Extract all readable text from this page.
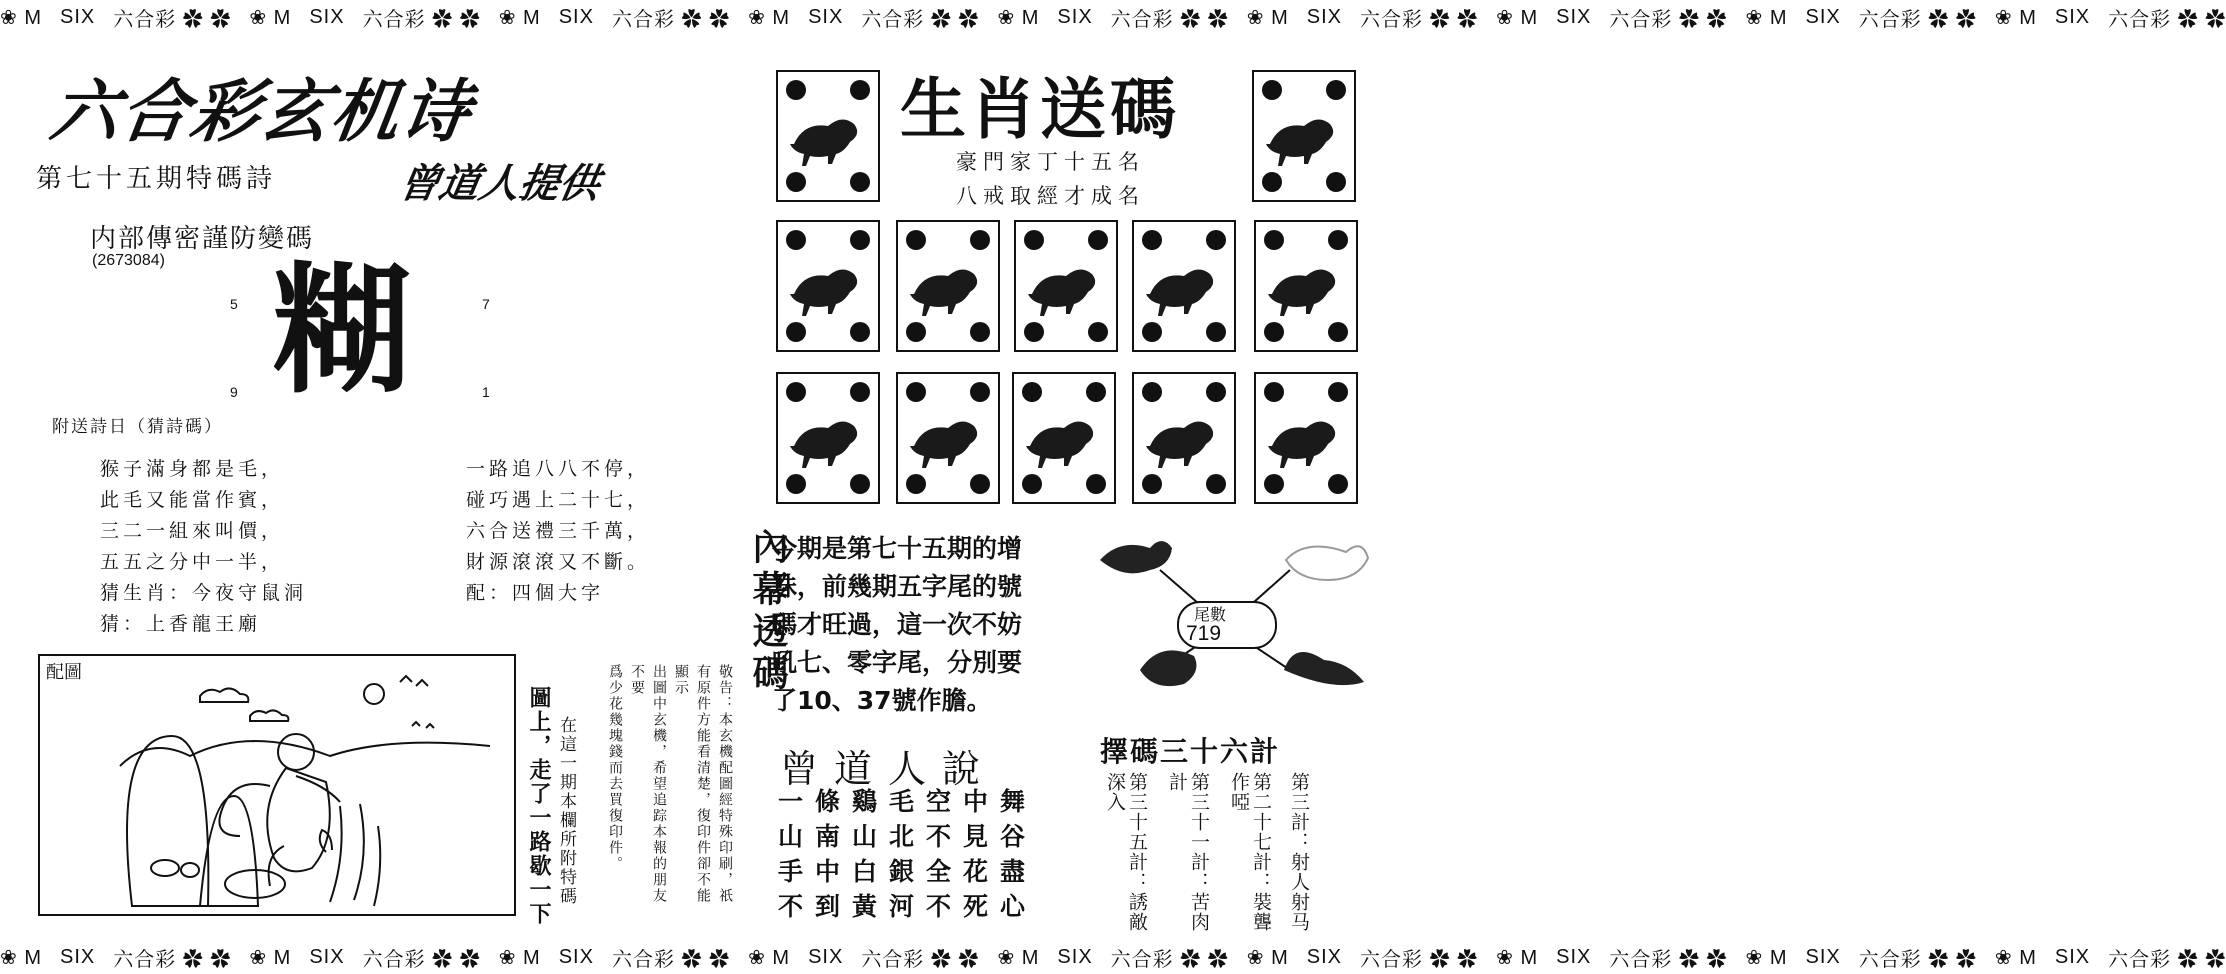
❀ M SIX 六合彩 ✿ ✿ ❀ M SIX 六合彩 ✿ ✿ ❀ M SIX 六合彩 ✿ ✿ ❀ M SIX 六合彩 ✿ ✿ ❀ M SIX 六合彩 ✿ ✿ ❀ M SIX 六合彩 ✿ ✿ ❀ M SIX 六合彩 ✿ ✿ ❀ M SIX 六合彩 ✿ ✿ ❀ M SIX 六合彩 ✿ ✿
❀ M SIX 六合彩 ✿ ✿ ❀ M SIX 六合彩 ✿ ✿ ❀ M SIX 六合彩 ✿ ✿ ❀ M SIX 六合彩 ✿ ✿ ❀ M SIX 六合彩 ✿ ✿ ❀ M SIX 六合彩 ✿ ✿ ❀ M SIX 六合彩 ✿ ✿ ❀ M SIX 六合彩 ✿ ✿ ❀ M SIX 六合彩 ✿ ✿
六合彩玄机诗
第七十五期特碼詩	曾道人提供
内部傳密謹防變碼
(2673084)
5	7
9	1
糊
附送詩日（猜詩碼）
猴子滿身都是毛，
此毛又能當作賓，
三二一組來叫價，
五五之分中一半，
猜生肖：今夜守鼠洞
猜：上香龍王廟
一路追八八不停，
碰巧遇上二十七，
六合送禮三千萬，
財源滾滾又不斷。
配：四個大字
配圖
圖上，走了一路歇一下 在這一期本欄所附特碼	敬告：本玄機配圖經特殊印刷，祇
有原件方能看清楚，復印件卻不能顯示
出圖中玄機，希望追踪本報的朋友不要
爲少花幾塊錢而去買復印件。
生肖送碼
豪門家丁十五名
八戒取經才成名
內幕透碼
今期是第七十五期的增
珠，前幾期五字尾的號
碼才旺過，這一次不妨
吼七、零字尾，分別要
了10、37號作膽。
尾數
719
曾道人說
一條鷄毛空中舞
山南山北不見谷
手中白銀全花盡
不到黃河不死心
擇碼三十六計
第三十五計：誘敵深入	第三十一計：苦肉計	第二十七計：裝聾作啞	第三計：射人射马
